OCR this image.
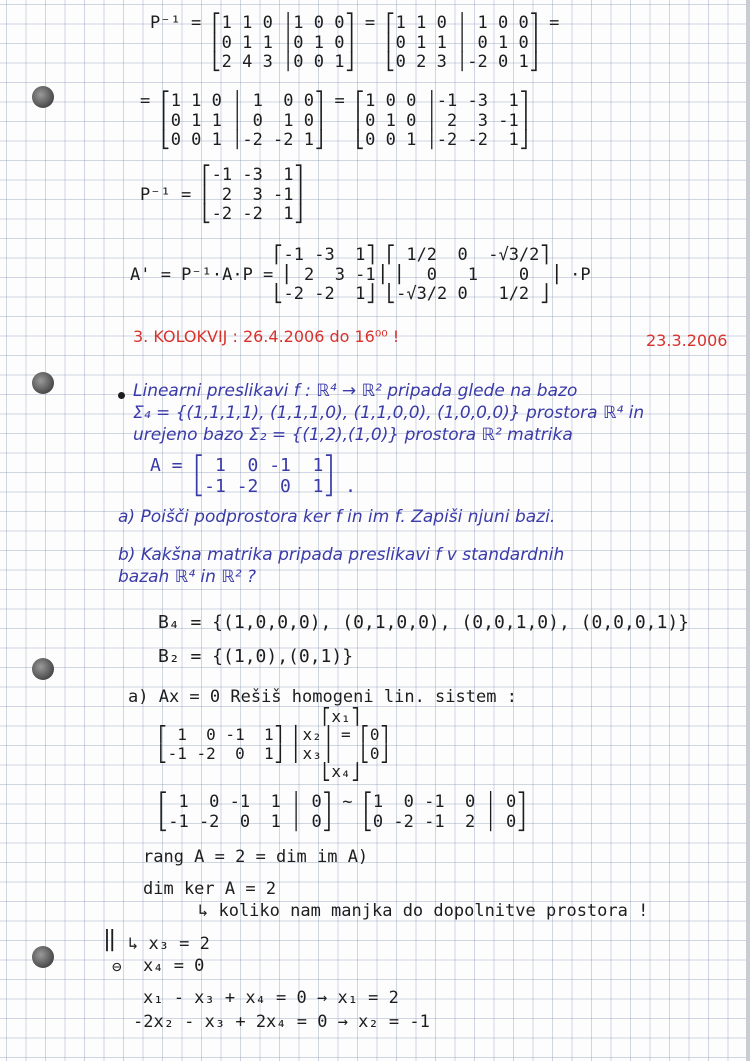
P⁻¹ = ⎡1 1 0 │1 0 0⎤ = ⎡1 1 0 │ 1 0 0⎤ =
⎢0 1 1 │0 1 0⎥   ⎢0 1 1 │ 0 1 0⎥
⎣2 4 3 │0 0 1⎦   ⎣0 2 3 │-2 0 1⎦
= ⎡1 1 0 │ 1  0 0⎤ = ⎡1 0 0 │-1 -3  1⎤
⎢0 1 1 │ 0  1 0⎥   ⎢0 1 0 │ 2  3 -1⎥
⎣0 0 1 │-2 -2 1⎦   ⎣0 0 1 │-2 -2  1⎦
⎡-1 -3  1⎤
P⁻¹ = ⎢ 2  3 -1⎥
⎣-2 -2  1⎦
⎡-1 -3  1⎤ ⎡ 1/2  0  -√3/2⎤
A' = P⁻¹·A·P = ⎢ 2  3 -1⎥ ⎢  0   1    0  ⎥ ·P
⎣-2 -2  1⎦ ⎣-√3/2 0   1/2 ⎦
3. KOLOKVIJ : 26.4.2006 do 16⁰⁰ !	23.3.2006
Linearni preslikavi f : ℝ⁴ → ℝ² pripada glede na bazo
Σ₄ = {(1,1,1,1), (1,1,1,0), (1,1,0,0), (1,0,0,0)} prostora ℝ⁴ in
urejeno bazo Σ₂ = {(1,2),(1,0)} prostora ℝ² matrika
A = ⎡ 1  0 -1  1⎤
⎣-1 -2  0  1⎦ .
a) Poišči podprostora ker f in im f. Zapiši njuni bazi.
b) Kakšna matrika pripada preslikavi f v standardnih
bazah ℝ⁴ in ℝ² ?
B₄ = {(1,0,0,0), (0,1,0,0), (0,0,1,0), (0,0,0,1)}
B₂ = {(1,0),(0,1)}
a) Ax = 0 Rešiš homogeni lin. sistem :
⎡x₁⎤
⎡ 1  0 -1  1⎤ ⎢x₂⎥ = ⎡0⎤
⎣-1 -2  0  1⎦ ⎢x₃⎥   ⎣0⎦
⎣x₄⎦
⎡ 1  0 -1  1 │ 0⎤ ~ ⎡1  0 -1  0 │ 0⎤
⎣-1 -2  0  1 │ 0⎦   ⎣0 -2 -1  2 │ 0⎦
rang A = 2 = dim im A)
dim ker A = 2
↳ koliko nam manjka do dopolnitve prostora !
‖
⊖
↳ x₃ = 2
x₄ = 0
x₁ - x₃ + x₄ = 0 → x₁ = 2
-2x₂ - x₃ + 2x₄ = 0 → x₂ = -1
